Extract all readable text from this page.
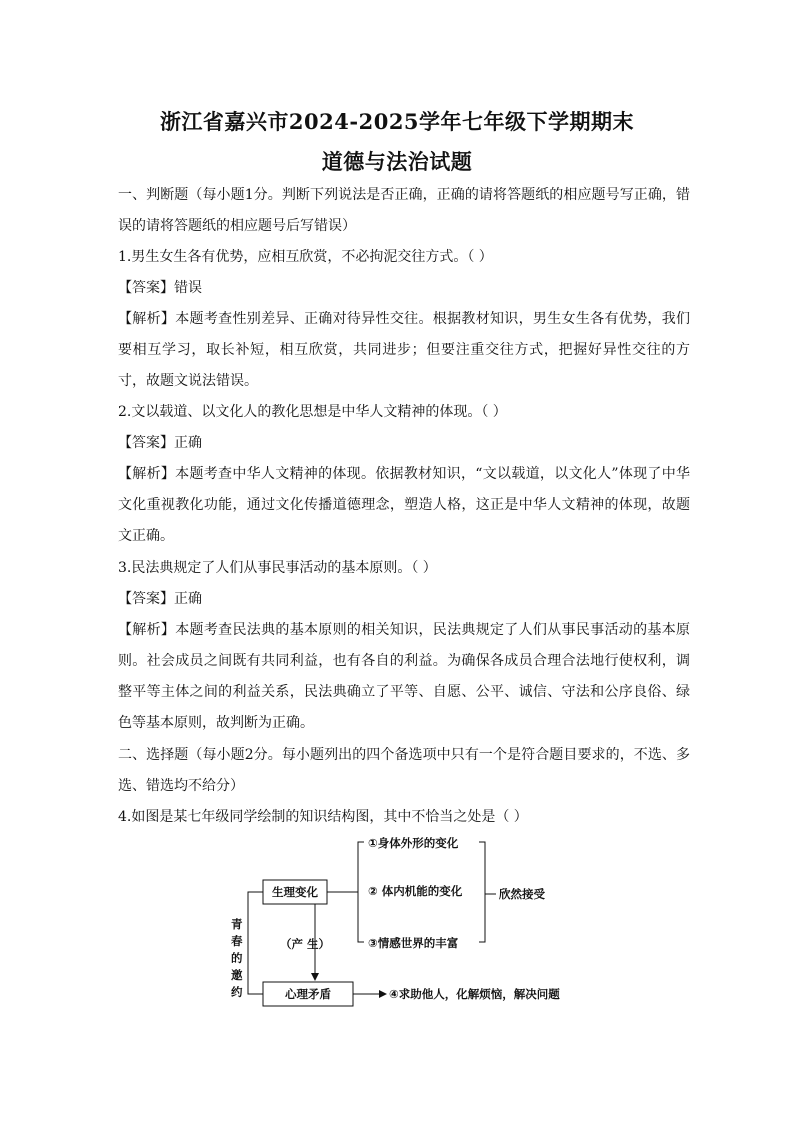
浙江省嘉兴市2024-2025学年七年级下学期期末
道德与法治试题

一、判断题（每小题1分。判断下列说法是否正确，正确的请将答题纸的相应题号写正确，错误的请将答题纸的相应题号后写错误）

1.男生女生各有优势，应相互欣赏，不必拘泥交往方式。（ ）

【答案】错误

【解析】本题考查性别差异、正确对待异性交往。根据教材知识，男生女生各有优势，我们要相互学习，取长补短，相互欣赏，共同进步；但要注重交往方式，把握好异性交往的方寸，故题文说法错误。

2.文以载道、以文化人的教化思想是中华人文精神的体现。（ ）

【答案】正确

【解析】本题考查中华人文精神的体现。依据教材知识，“文以载道，以文化人”体现了中华文化重视教化功能，通过文化传播道德理念，塑造人格，这正是中华人文精神的体现，故题文正确。

3.民法典规定了人们从事民事活动的基本原则。（ ）

【答案】正确

【解析】本题考查民法典的基本原则的相关知识，民法典规定了人们从事民事活动的基本原则。社会成员之间既有共同利益，也有各自的利益。为确保各成员合理合法地行使权利，调整平等主体之间的利益关系，民法典确立了平等、自愿、公平、诚信、守法和公序良俗、绿色等基本原则，故判断为正确。

二、选择题（每小题2分。每小题列出的四个备选项中只有一个是符合题目要求的，不选、多选、错选均不给分）

4.如图是某七年级同学绘制的知识结构图，其中不恰当之处是（ ）

青
春
的
邀
约
生理变化
心理矛盾
（产 生）
①身体外形的变化
② 体内机能的变化
③情感世界的丰富
欣然接受
④求助他人，化解烦恼，解决问题
